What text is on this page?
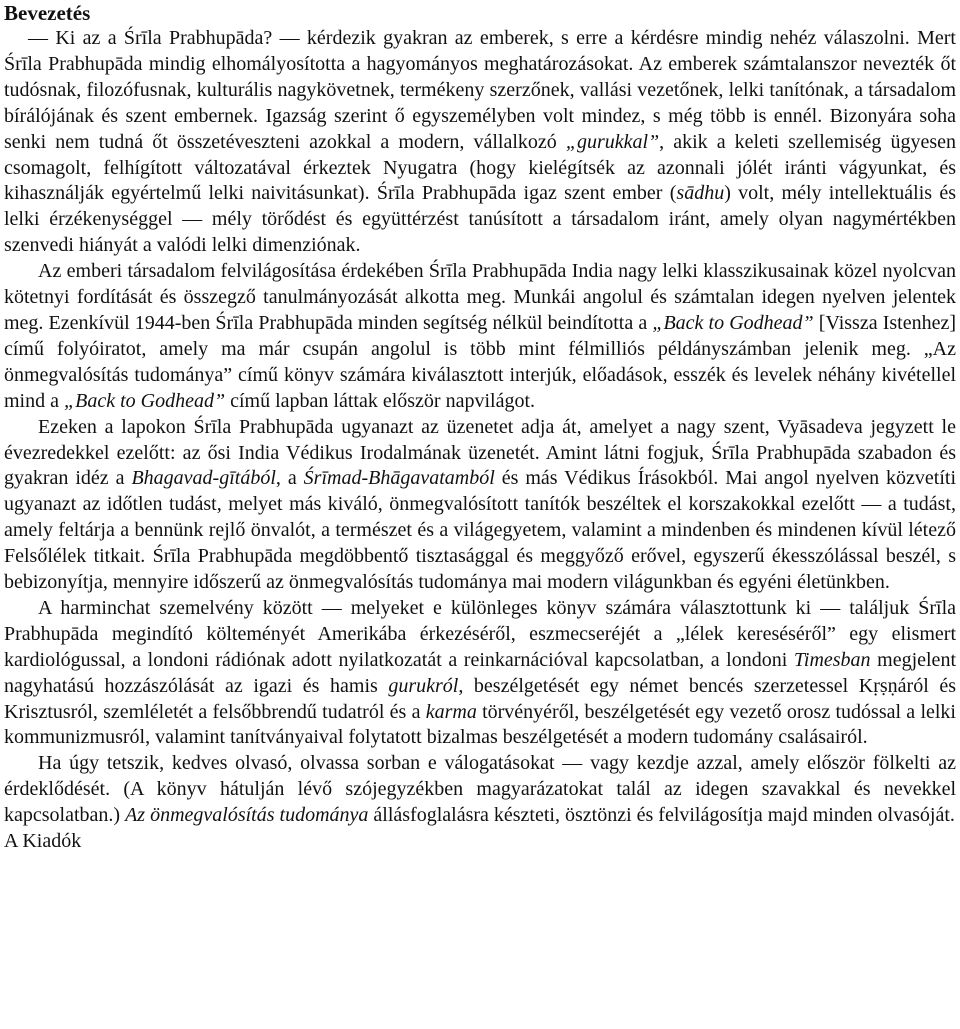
Bevezetés

— Ki az a Śrīla Prabhupāda? — kérdezik gyakran az emberek, s erre a kérdésre mindig nehéz válaszolni. Mert Śrīla Prabhupāda mindig elhomályosította a hagyományos meghatározásokat. Az emberek számtalanszor nevezték őt tudósnak, filozófusnak, kulturális nagykövetnek, termékeny szerzőnek, vallási vezetőnek, lelki tanítónak, a társadalom bírálójának és szent embernek. Igazság szerint ő egyszemélyben volt mindez, s még több is ennél. Bizonyára soha senki nem tudná őt összetéveszteni azokkal a modern, vállalkozó „gurukkal”, akik a keleti szellemiség ügyesen csomagolt, felhígított változatával érkeztek Nyugatra (hogy kielégítsék az azonnali jólét iránti vágyunkat, és kihasználják egyértelmű lelki naivitásunkat). Śrīla Prabhupāda igaz szent ember (sādhu) volt, mély intellektuális és lelki érzékenységgel — mély törődést és együttérzést tanúsított a társadalom iránt, amely olyan nagymértékben szenvedi hiányát a valódi lelki dimenziónak.

Az emberi társadalom felvilágosítása érdekében Śrīla Prabhupāda India nagy lelki klasszikusainak közel nyolcvan kötetnyi fordítását és összegző tanulmányozását alkotta meg. Munkái angolul és számtalan idegen nyelven jelentek meg. Ezenkívül 1944-ben Śrīla Prabhupāda minden segítség nélkül beindította a „Back to Godhead” [Vissza Istenhez] című folyóiratot, amely ma már csupán angolul is több mint félmilliós példányszámban jelenik meg. „Az önmegvalósítás tudománya” című könyv számára kiválasztott interjúk, előadások, esszék és levelek néhány kivétellel mind a „Back to Godhead” című lapban láttak először napvilágot.

Ezeken a lapokon Śrīla Prabhupāda ugyanazt az üzenetet adja át, amelyet a nagy szent, Vyāsadeva jegyzett le évezredekkel ezelőtt: az ősi India Védikus Irodalmának üzenetét. Amint látni fogjuk, Śrīla Prabhupāda szabadon és gyakran idéz a Bhagavad-gītából, a Śrīmad-Bhāgavatamból és más Védikus Írásokból. Mai angol nyelven közvetíti ugyanazt az időtlen tudást, melyet más kiváló, önmegvalósított tanítók beszéltek el korszakokkal ezelőtt — a tudást, amely feltárja a bennünk rejlő önvalót, a természet és a világegyetem, valamint a mindenben és mindenen kívül létező Felsőlélek titkait. Śrīla Prabhupāda megdöbbentő tisztasággal és meggyőző erővel, egyszerű ékesszólással beszél, s bebizonyítja, mennyire időszerű az önmegvalósítás tudománya mai modern világunkban és egyéni életünkben.

A harminchat szemelvény között — melyeket e különleges könyv számára választottunk ki — találjuk Śrīla Prabhupāda megindító költeményét Amerikába érkezéséről, eszmecseréjét a „lélek kereséséről” egy elismert kardiológussal, a londoni rádiónak adott nyilatkozatát a reinkarnációval kapcsolatban, a londoni Timesban megjelent nagyhatású hozzászólását az igazi és hamis gurukról, beszélgetését egy német bencés szerzetessel Kṛṣṇáról és Krisztusról, szemléletét a felsőbbrendű tudatról és a karma törvényéről, beszélgetését egy vezető orosz tudóssal a lelki kommunizmusról, valamint tanítványaival folytatott bizalmas beszélgetését a modern tudomány csalásairól.

Ha úgy tetszik, kedves olvasó, olvassa sorban e válogatásokat — vagy kezdje azzal, amely először fölkelti az érdeklődését. (A könyv hátulján lévő szójegyzékben magyarázatokat talál az idegen szavakkal és nevekkel kapcsolatban.) Az önmegvalósítás tudománya állásfoglalásra készteti, ösztönzi és felvilágosítja majd minden olvasóját.

A Kiadók
